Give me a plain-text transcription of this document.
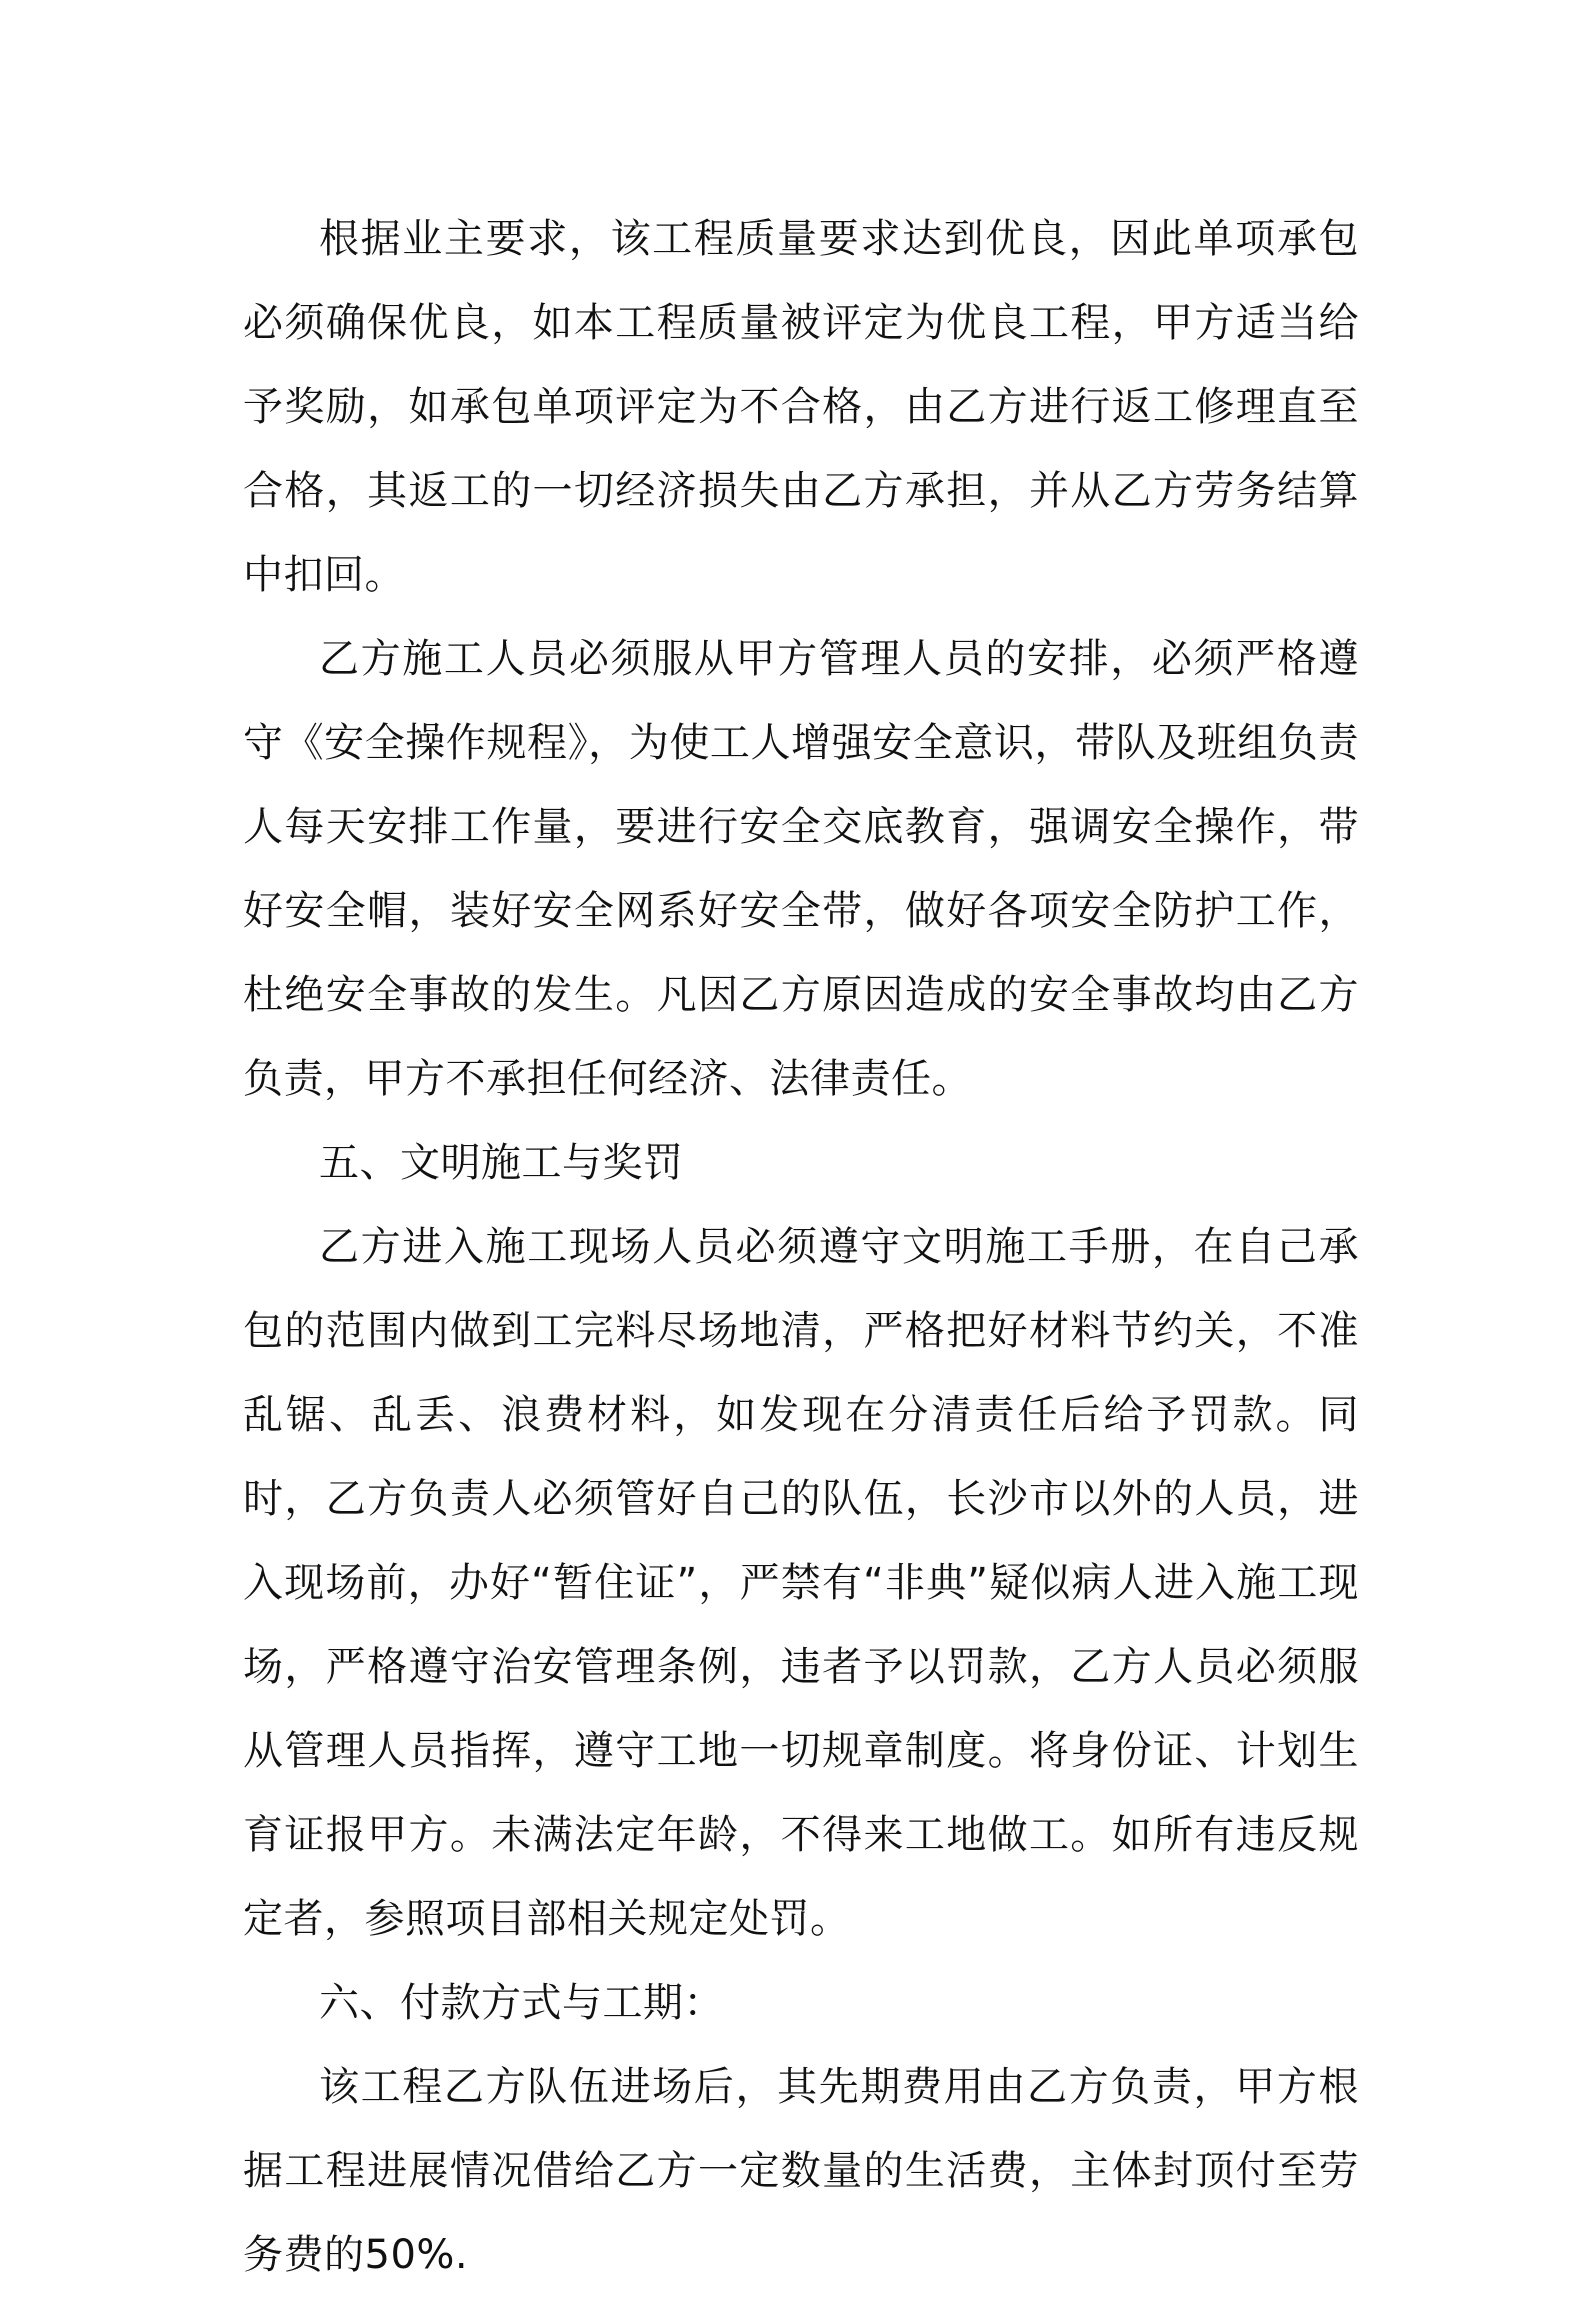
根据业主要求，该工程质量要求达到优良，因此单项承包必须确保优良，如本工程质量被评定为优良工程，甲方适当给予奖励，如承包单项评定为不合格，由乙方进行返工修理直至合格，其返工的一切经济损失由乙方承担，并从乙方劳务结算中扣回。

乙方施工人员必须服从甲方管理人员的安排，必须严格遵守《安全操作规程》，为使工人增强安全意识，带队及班组负责人每天安排工作量，要进行安全交底教育，强调安全操作，带好安全帽，装好安全网系好安全带，做好各项安全防护工作，杜绝安全事故的发生。凡因乙方原因造成的安全事故均由乙方负责，甲方不承担任何经济、法律责任。

五、文明施工与奖罚

乙方进入施工现场人员必须遵守文明施工手册，在自己承包的范围内做到工完料尽场地清，严格把好材料节约关，不准乱锯、乱丢、浪费材料，如发现在分清责任后给予罚款。同时，乙方负责人必须管好自己的队伍，长沙市以外的人员，进入现场前，办好“暂住证”，严禁有“非典”疑似病人进入施工现场，严格遵守治安管理条例，违者予以罚款，乙方人员必须服从管理人员指挥，遵守工地一切规章制度。将身份证、计划生育证报甲方。未满法定年龄，不得来工地做工。如所有违反规定者，参照项目部相关规定处罚。

六、付款方式与工期：

该工程乙方队伍进场后，其先期费用由乙方负责，甲方根据工程进展情况借给乙方一定数量的生活费，主体封顶付至劳务费的50%.
